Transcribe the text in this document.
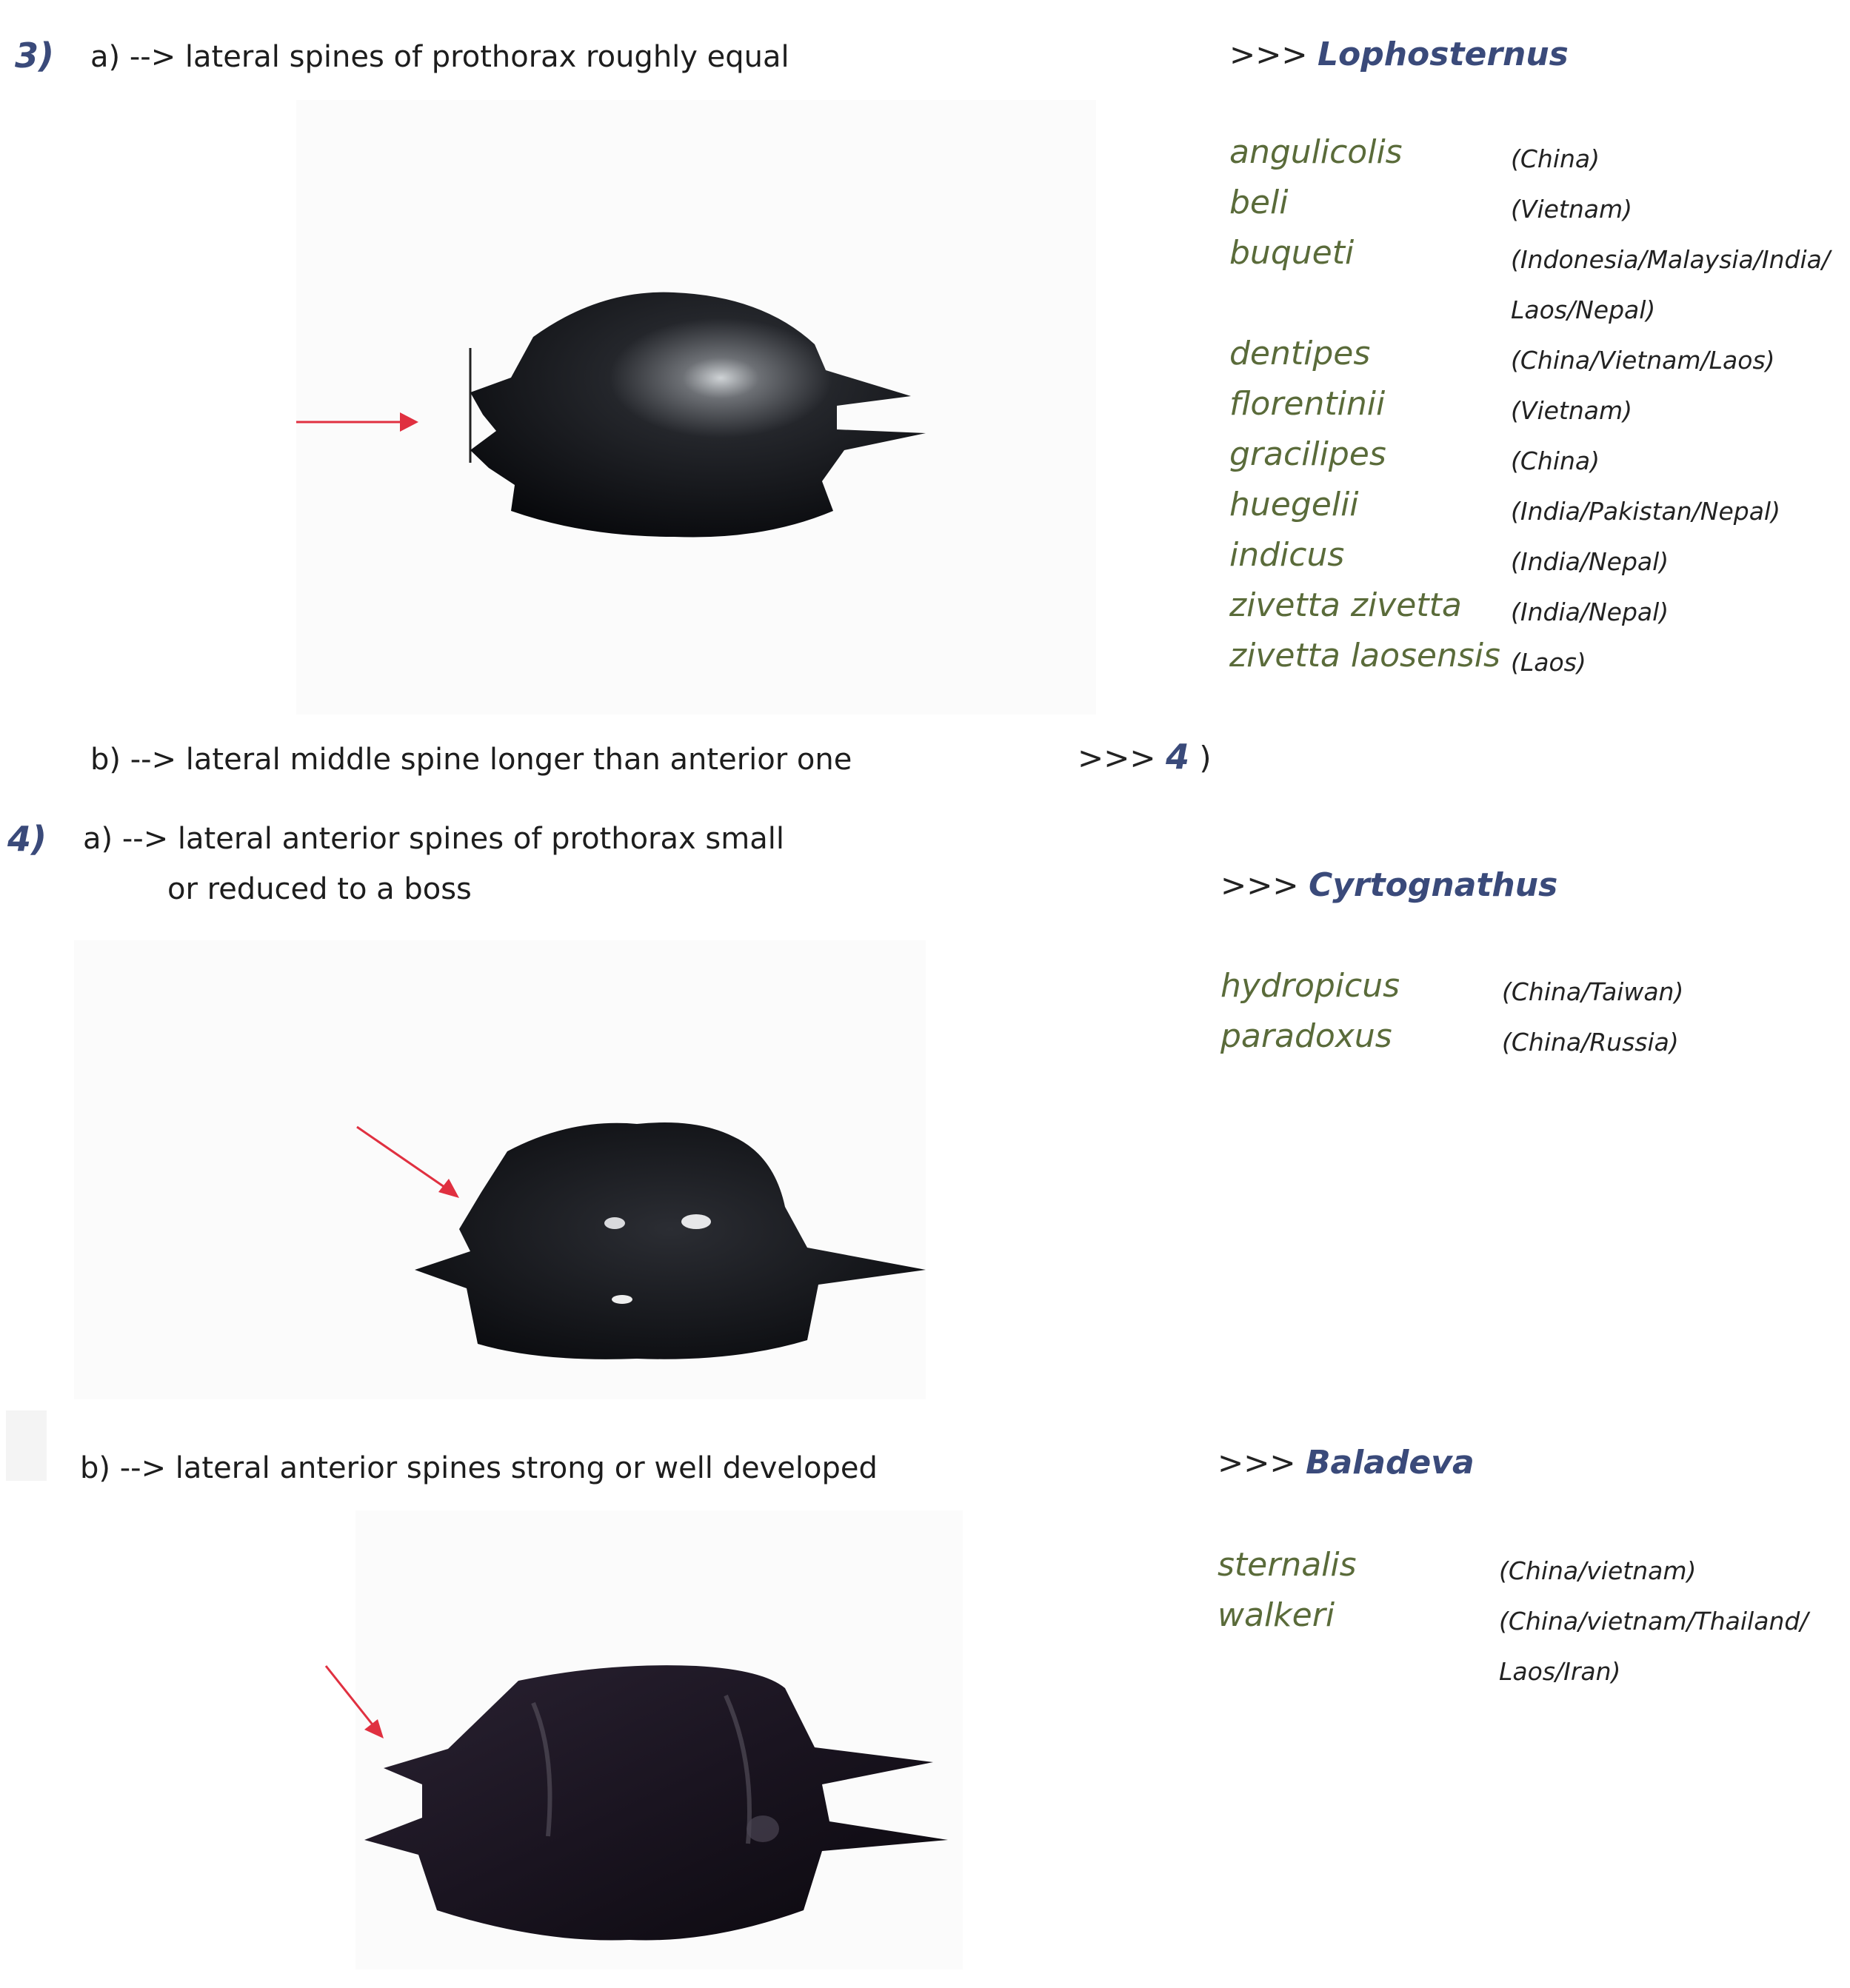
3) a) --> lateral spines of prothorax roughly equal	>>> Lophosternus
angulicolis	(China)
beli	(Vietnam)
buqueti	(Indonesia/Malaysia/India/
Laos/Nepal)
dentipes	(China/Vietnam/Laos)
florentinii	(Vietnam)
gracilipes	(China)
huegelii	(India/Pakistan/Nepal)
indicus	(India/Nepal)
zivetta zivetta (India/Nepal)
zivetta laosensis (Laos)
b) --> lateral middle spine longer than anterior one	>>> 4 )
4) a) --> lateral anterior spines of prothorax small
or reduced to a boss	>>> Cyrtognathus
hydropicus	(China/Taiwan)
paradoxus	(China/Russia)
b) --> lateral anterior spines strong or well developed	>>> Baladeva
sternalis	(China/vietnam)
walkeri	(China/vietnam/Thailand/
Laos/Iran)
